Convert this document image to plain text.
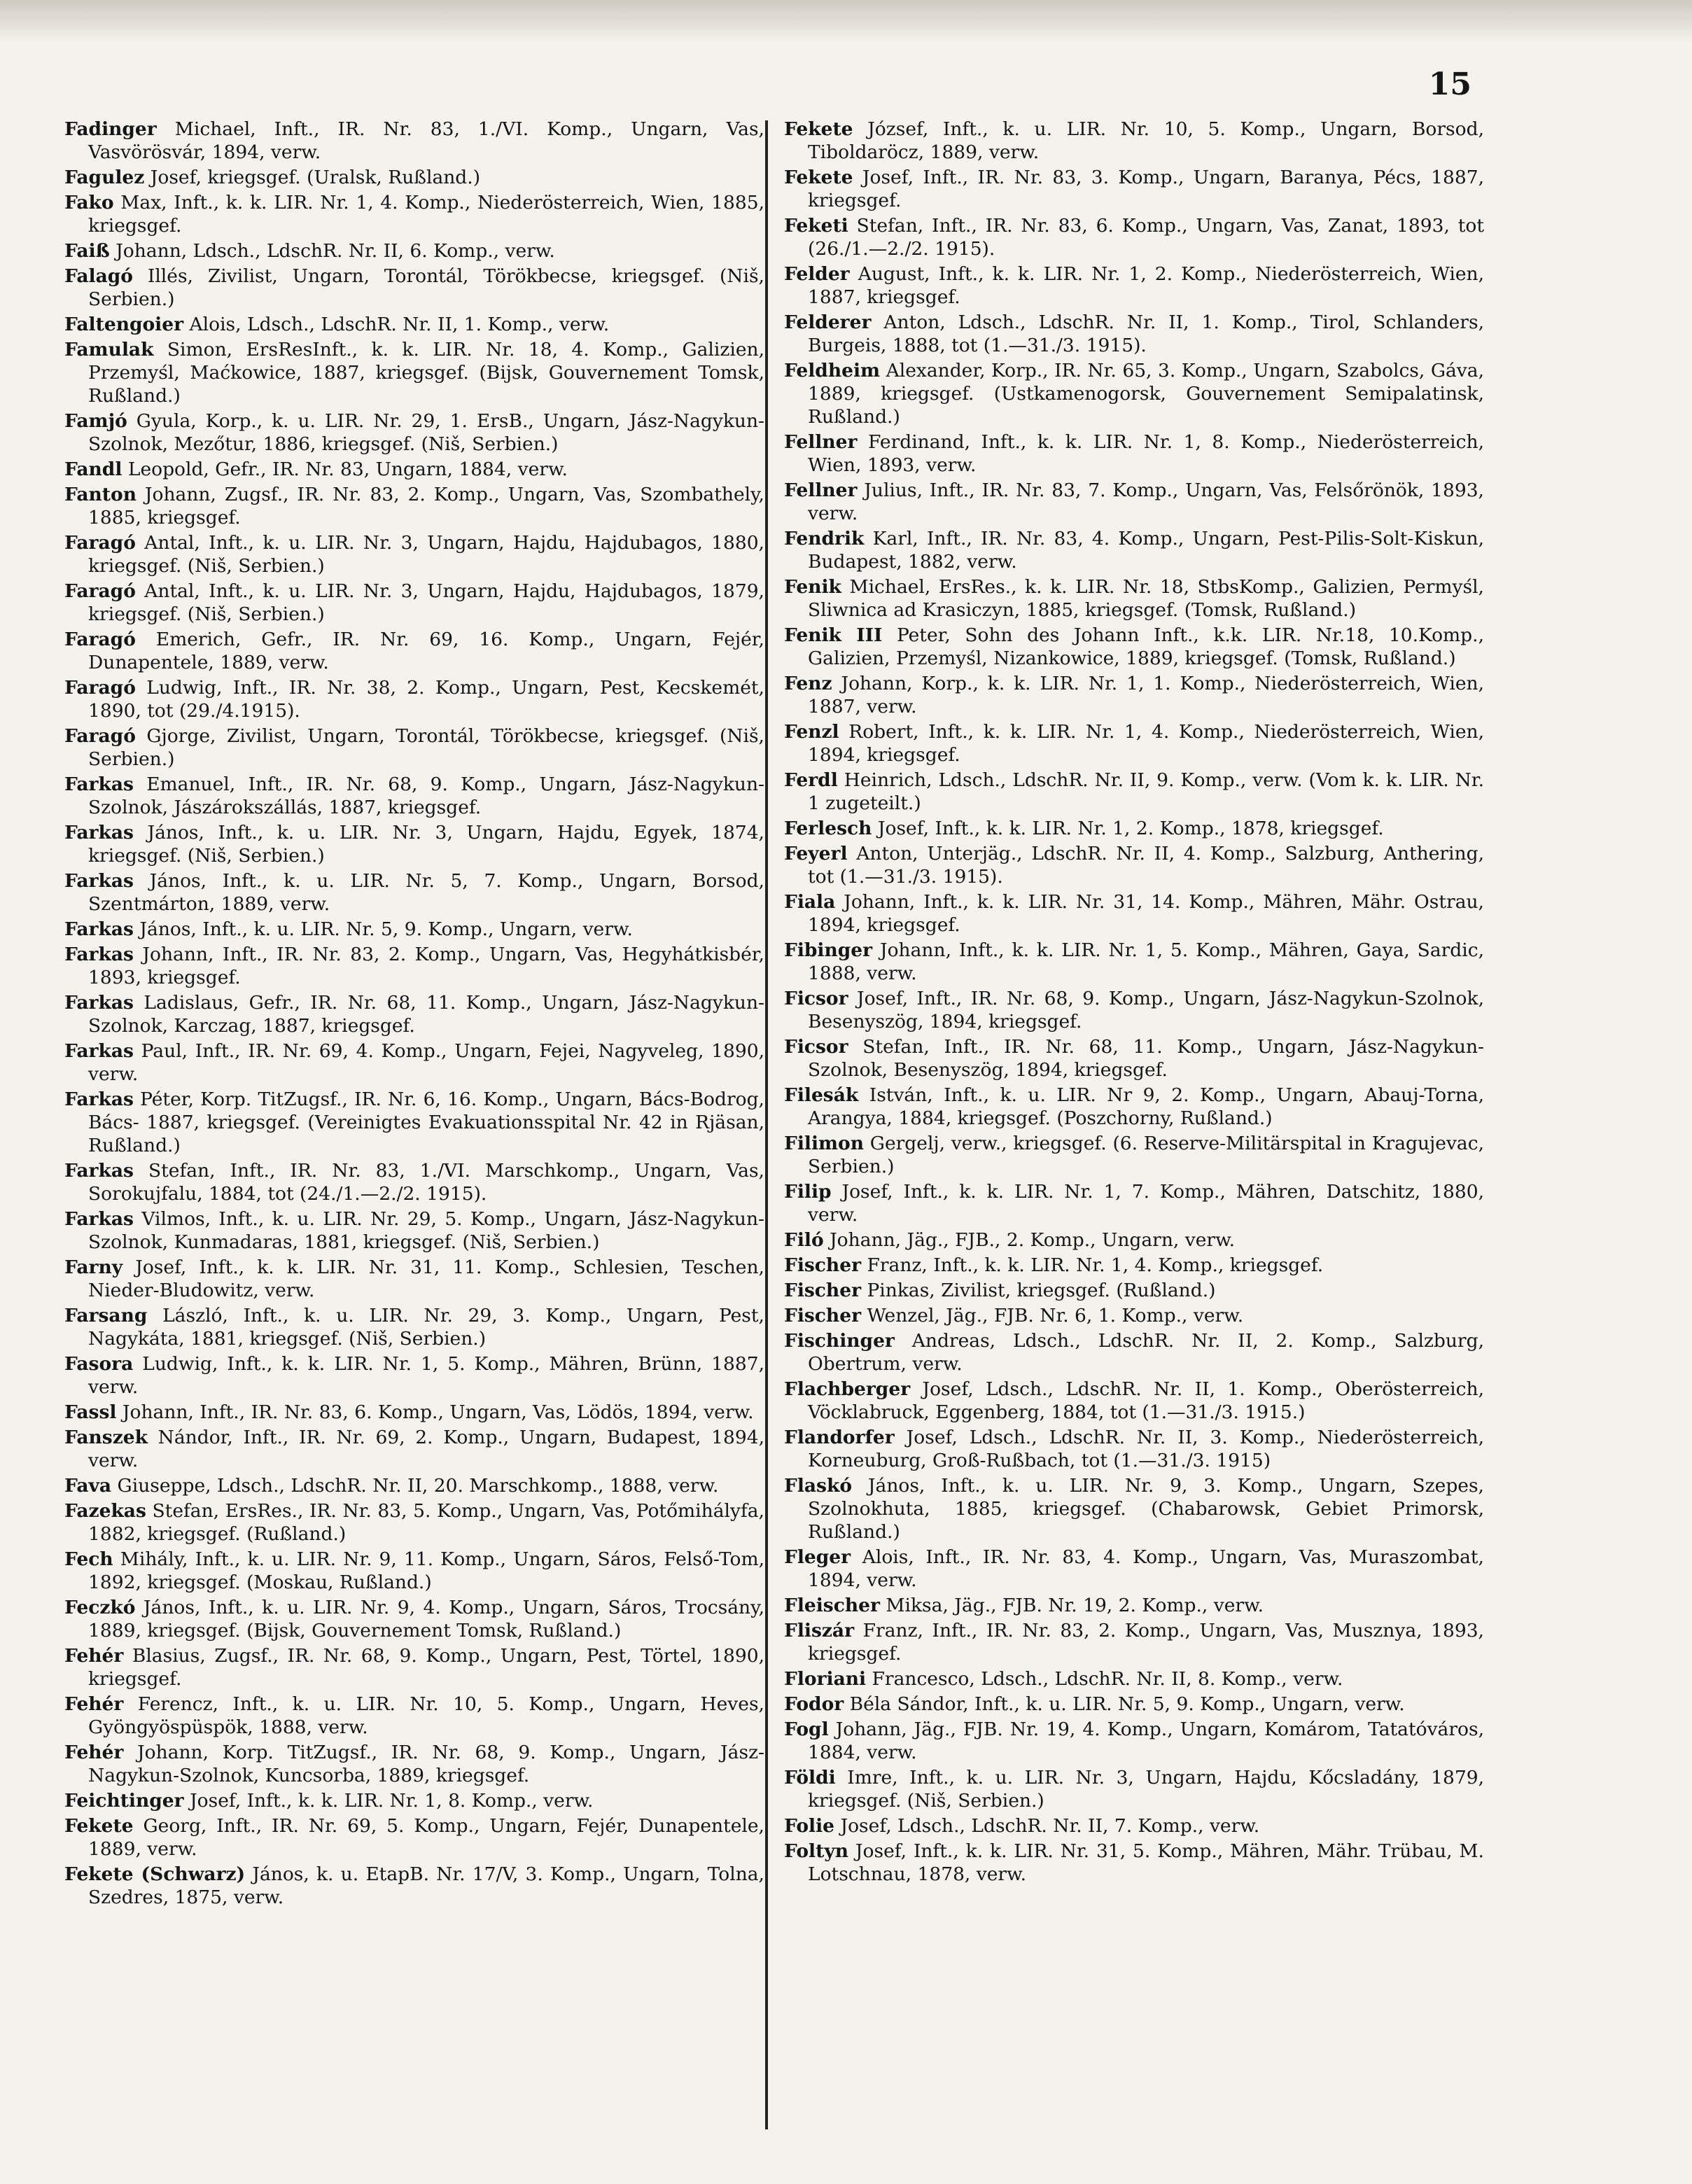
15

Fadinger Michael, Inft., IR. Nr. 83, 1./VI. Komp., Ungarn, Vas, Vasvörösvár, 1894, verw.

Fagulez Josef, kriegsgef. (Uralsk, Rußland.)

Fako Max, Inft., k. k. LIR. Nr. 1, 4. Komp., Niederösterreich, Wien, 1885, kriegsgef.

Faiß Johann, Ldsch., LdschR. Nr. II, 6. Komp., verw.

Falagó Illés, Zivilist, Ungarn, Torontál, Törökbecse, kriegsgef. (Niš, Serbien.)

Faltengoier Alois, Ldsch., LdschR. Nr. II, 1. Komp., verw.

Famulak Simon, ErsResInft., k. k. LIR. Nr. 18, 4. Komp., Galizien, Przemyśl, Maćkowice, 1887, kriegsgef. (Bijsk, Gouvernement Tomsk, Rußland.)

Famjó Gyula, Korp., k. u. LIR. Nr. 29, 1. ErsB., Ungarn, Jász-Nagykun-Szolnok, Mezőtur, 1886, kriegsgef. (Niš, Serbien.)

Fandl Leopold, Gefr., IR. Nr. 83, Ungarn, 1884, verw.

Fanton Johann, Zugsf., IR. Nr. 83, 2. Komp., Ungarn, Vas, Szombathely, 1885, kriegsgef.

Faragó Antal, Inft., k. u. LIR. Nr. 3, Ungarn, Hajdu, Hajdubagos, 1880, kriegsgef. (Niš, Serbien.)

Faragó Antal, Inft., k. u. LIR. Nr. 3, Ungarn, Hajdu, Hajdubagos, 1879, kriegsgef. (Niš, Serbien.)

Faragó Emerich, Gefr., IR. Nr. 69, 16. Komp., Ungarn, Fejér, Dunapentele, 1889, verw.

Faragó Ludwig, Inft., IR. Nr. 38, 2. Komp., Ungarn, Pest, Kecskemét, 1890, tot (29./4.1915).

Faragó Gjorge, Zivilist, Ungarn, Torontál, Törökbecse, kriegsgef. (Niš, Serbien.)

Farkas Emanuel, Inft., IR. Nr. 68, 9. Komp., Ungarn, Jász-Nagykun-Szolnok, Jászárokszállás, 1887, kriegsgef.

Farkas János, Inft., k. u. LIR. Nr. 3, Ungarn, Hajdu, Egyek, 1874, kriegsgef. (Niš, Serbien.)

Farkas János, Inft., k. u. LIR. Nr. 5, 7. Komp., Ungarn, Borsod, Szentmárton, 1889, verw.

Farkas János, Inft., k. u. LIR. Nr. 5, 9. Komp., Ungarn, verw.

Farkas Johann, Inft., IR. Nr. 83, 2. Komp., Ungarn, Vas, Hegyhátkisbér, 1893, kriegsgef.

Farkas Ladislaus, Gefr., IR. Nr. 68, 11. Komp., Ungarn, Jász-Nagykun-Szolnok, Karczag, 1887, kriegsgef.

Farkas Paul, Inft., IR. Nr. 69, 4. Komp., Ungarn, Fejei, Nagyveleg, 1890, verw.

Farkas Péter, Korp. TitZugsf., IR. Nr. 6, 16. Komp., Ungarn, Bács-Bodrog, Bács- 1887, kriegsgef. (Vereinigtes Evakuationsspital Nr. 42 in Rjäsan, Rußland.)

Farkas Stefan, Inft., IR. Nr. 83, 1./VI. Marschkomp., Ungarn, Vas, Sorokujfalu, 1884, tot (24./1.—2./2. 1915).

Farkas Vilmos, Inft., k. u. LIR. Nr. 29, 5. Komp., Ungarn, Jász-Nagykun-Szolnok, Kunmadaras, 1881, kriegsgef. (Niš, Serbien.)

Farny Josef, Inft., k. k. LIR. Nr. 31, 11. Komp., Schlesien, Teschen, Nieder-Bludowitz, verw.

Farsang László, Inft., k. u. LIR. Nr. 29, 3. Komp., Ungarn, Pest, Nagykáta, 1881, kriegsgef. (Niš, Serbien.)

Fasora Ludwig, Inft., k. k. LIR. Nr. 1, 5. Komp., Mähren, Brünn, 1887, verw.

Fassl Johann, Inft., IR. Nr. 83, 6. Komp., Ungarn, Vas, Lödös, 1894, verw.

Fanszek Nándor, Inft., IR. Nr. 69, 2. Komp., Ungarn, Budapest, 1894, verw.

Fava Giuseppe, Ldsch., LdschR. Nr. II, 20. Marschkomp., 1888, verw.

Fazekas Stefan, ErsRes., IR. Nr. 83, 5. Komp., Ungarn, Vas, Potőmihályfa, 1882, kriegsgef. (Rußland.)

Fech Mihály, Inft., k. u. LIR. Nr. 9, 11. Komp., Ungarn, Sáros, Felső-Tom, 1892, kriegsgef. (Moskau, Rußland.)

Feczkó János, Inft., k. u. LIR. Nr. 9, 4. Komp., Ungarn, Sáros, Trocsány, 1889, kriegsgef. (Bijsk, Gouvernement Tomsk, Rußland.)

Fehér Blasius, Zugsf., IR. Nr. 68, 9. Komp., Ungarn, Pest, Törtel, 1890, kriegsgef.

Fehér Ferencz, Inft., k. u. LIR. Nr. 10, 5. Komp., Ungarn, Heves, Gyöngyöspüspök, 1888, verw.

Fehér Johann, Korp. TitZugsf., IR. Nr. 68, 9. Komp., Ungarn, Jász-Nagykun-Szolnok, Kuncsorba, 1889, kriegsgef.

Feichtinger Josef, Inft., k. k. LIR. Nr. 1, 8. Komp., verw.

Fekete Georg, Inft., IR. Nr. 69, 5. Komp., Ungarn, Fejér, Dunapentele, 1889, verw.

Fekete (Schwarz) János, k. u. EtapB. Nr. 17/V, 3. Komp., Ungarn, Tolna, Szedres, 1875, verw.

Fekete József, Inft., k. u. LIR. Nr. 10, 5. Komp., Ungarn, Borsod, Tiboldaröcz, 1889, verw.

Fekete Josef, Inft., IR. Nr. 83, 3. Komp., Ungarn, Baranya, Pécs, 1887, kriegsgef.

Feketi Stefan, Inft., IR. Nr. 83, 6. Komp., Ungarn, Vas, Zanat, 1893, tot (26./1.—2./2. 1915).

Felder August, Inft., k. k. LIR. Nr. 1, 2. Komp., Niederösterreich, Wien, 1887, kriegsgef.

Felderer Anton, Ldsch., LdschR. Nr. II, 1. Komp., Tirol, Schlanders, Burgeis, 1888, tot (1.—31./3. 1915).

Feldheim Alexander, Korp., IR. Nr. 65, 3. Komp., Ungarn, Szabolcs, Gáva, 1889, kriegsgef. (Ustkamenogorsk, Gouvernement Semipalatinsk, Rußland.)

Fellner Ferdinand, Inft., k. k. LIR. Nr. 1, 8. Komp., Niederösterreich, Wien, 1893, verw.

Fellner Julius, Inft., IR. Nr. 83, 7. Komp., Ungarn, Vas, Felsőrönök, 1893, verw.

Fendrik Karl, Inft., IR. Nr. 83, 4. Komp., Ungarn, Pest-Pilis-Solt-Kiskun, Budapest, 1882, verw.

Fenik Michael, ErsRes., k. k. LIR. Nr. 18, StbsKomp., Galizien, Permyśl, Sliwnica ad Krasiczyn, 1885, kriegsgef. (Tomsk, Rußland.)

Fenik III Peter, Sohn des Johann Inft., k.k. LIR. Nr.18, 10.Komp., Galizien, Przemyśl, Nizankowice, 1889, kriegsgef. (Tomsk, Rußland.)

Fenz Johann, Korp., k. k. LIR. Nr. 1, 1. Komp., Niederösterreich, Wien, 1887, verw.

Fenzl Robert, Inft., k. k. LIR. Nr. 1, 4. Komp., Niederösterreich, Wien, 1894, kriegsgef.

Ferdl Heinrich, Ldsch., LdschR. Nr. II, 9. Komp., verw. (Vom k. k. LIR. Nr. 1 zugeteilt.)

Ferlesch Josef, Inft., k. k. LIR. Nr. 1, 2. Komp., 1878, kriegsgef.

Feyerl Anton, Unterjäg., LdschR. Nr. II, 4. Komp., Salzburg, Anthering, tot (1.—31./3. 1915).

Fiala Johann, Inft., k. k. LIR. Nr. 31, 14. Komp., Mähren, Mähr. Ostrau, 1894, kriegsgef.

Fibinger Johann, Inft., k. k. LIR. Nr. 1, 5. Komp., Mähren, Gaya, Sardic, 1888, verw.

Ficsor Josef, Inft., IR. Nr. 68, 9. Komp., Ungarn, Jász-Nagykun-Szolnok, Besenyszög, 1894, kriegsgef.

Ficsor Stefan, Inft., IR. Nr. 68, 11. Komp., Ungarn, Jász-Nagykun-Szolnok, Besenyszög, 1894, kriegsgef.

Filesák István, Inft., k. u. LIR. Nr 9, 2. Komp., Ungarn, Abauj-Torna, Arangya, 1884, kriegsgef. (Poszchorny, Rußland.)

Filimon Gergelj, verw., kriegsgef. (6. Reserve-Militärspital in Kragujevac, Serbien.)

Filip Josef, Inft., k. k. LIR. Nr. 1, 7. Komp., Mähren, Datschitz, 1880, verw.

Filó Johann, Jäg., FJB., 2. Komp., Ungarn, verw.

Fischer Franz, Inft., k. k. LIR. Nr. 1, 4. Komp., kriegsgef.

Fischer Pinkas, Zivilist, kriegsgef. (Rußland.)

Fischer Wenzel, Jäg., FJB. Nr. 6, 1. Komp., verw.

Fischinger Andreas, Ldsch., LdschR. Nr. II, 2. Komp., Salzburg, Obertrum, verw.

Flachberger Josef, Ldsch., LdschR. Nr. II, 1. Komp., Oberösterreich, Vöcklabruck, Eggenberg, 1884, tot (1.—31./3. 1915.)

Flandorfer Josef, Ldsch., LdschR. Nr. II, 3. Komp., Niederösterreich, Korneuburg, Groß-Rußbach, tot (1.—31./3. 1915)

Flaskó János, Inft., k. u. LIR. Nr. 9, 3. Komp., Ungarn, Szepes, Szolnokhuta, 1885, kriegsgef. (Chabarowsk, Gebiet Primorsk, Rußland.)

Fleger Alois, Inft., IR. Nr. 83, 4. Komp., Ungarn, Vas, Muraszombat, 1894, verw.

Fleischer Miksa, Jäg., FJB. Nr. 19, 2. Komp., verw.

Fliszár Franz, Inft., IR. Nr. 83, 2. Komp., Ungarn, Vas, Musznya, 1893, kriegsgef.

Floriani Francesco, Ldsch., LdschR. Nr. II, 8. Komp., verw.

Fodor Béla Sándor, Inft., k. u. LIR. Nr. 5, 9. Komp., Ungarn, verw.

Fogl Johann, Jäg., FJB. Nr. 19, 4. Komp., Ungarn, Komárom, Tatatóváros, 1884, verw.

Földi Imre, Inft., k. u. LIR. Nr. 3, Ungarn, Hajdu, Kőcsladány, 1879, kriegsgef. (Niš, Serbien.)

Folie Josef, Ldsch., LdschR. Nr. II, 7. Komp., verw.

Foltyn Josef, Inft., k. k. LIR. Nr. 31, 5. Komp., Mähren, Mähr. Trübau, M. Lotschnau, 1878, verw.
